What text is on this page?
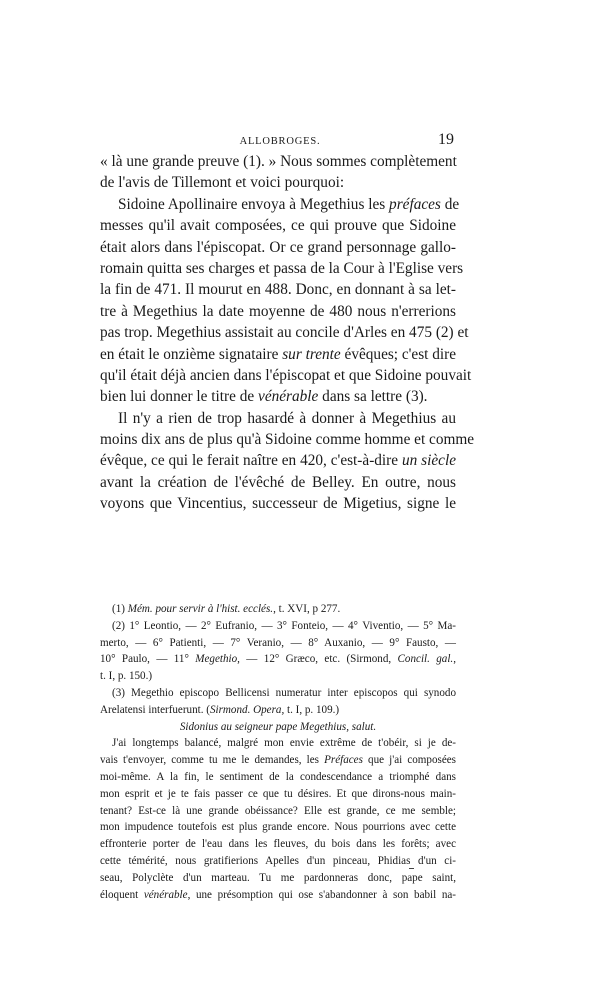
ALLOBROGES.	19
« là une grande preuve (1). » Nous sommes complètement
de l'avis de Tillemont et voici pourquoi:
Sidoine Apollinaire envoya à Megethius les préfaces de
messes qu'il avait composées, ce qui prouve que Sidoine
était alors dans l'épiscopat. Or ce grand personnage gallo-
romain quitta ses charges et passa de la Cour à l'Eglise vers
la fin de 471. Il mourut en 488. Donc, en donnant à sa let-
tre à Megethius la date moyenne de 480 nous n'errerions
pas trop. Megethius assistait au concile d'Arles en 475 (2) et
en était le onzième signataire sur trente évêques; c'est dire
qu'il était déjà ancien dans l'épiscopat et que Sidoine pouvait
bien lui donner le titre de vénérable dans sa lettre (3).
Il n'y a rien de trop hasardé à donner à Megethius au
moins dix ans de plus qu'à Sidoine comme homme et comme
évêque, ce qui le ferait naître en 420, c'est-à-dire un siècle
avant la création de l'évêché de Belley. En outre, nous
voyons que Vincentius, successeur de Migetius, signe le
(1) Mém. pour servir à l'hist. ecclés., t. XVI, p 277.
(2) 1° Leontio, — 2° Eufranio, — 3° Fonteio, — 4° Viventio, — 5° Ma-
merto, — 6° Patienti, — 7° Veranio, — 8° Auxanio, — 9° Fausto, —
10° Paulo, — 11° Megethio, — 12° Græco, etc. (Sirmond, Concil. gal.,
t. I, p. 150.)
(3) Megethio episcopo Bellicensi numeratur inter episcopos qui synodo
Arelatensi interfuerunt. (Sirmond. Opera, t. I, p. 109.)
Sidonius au seigneur pape Megethius, salut.
J'ai longtemps balancé, malgré mon envie extrême de t'obéir, si je de-
vais t'envoyer, comme tu me le demandes, les Préfaces que j'ai composées
moi-même. A la fin, le sentiment de la condescendance a triomphé dans
mon esprit et je te fais passer ce que tu désires. Et que dirons-nous main-
tenant? Est-ce là une grande obéissance? Elle est grande, ce me semble;
mon impudence toutefois est plus grande encore. Nous pourrions avec cette
effronterie porter de l'eau dans les fleuves, du bois dans les forêts; avec
cette témérité, nous gratifierions Apelles d'un pinceau, Phidias d'un ci-
seau, Polyclète d'un marteau. Tu me pardonneras donc, pape saint,
éloquent vénérable, une présomption qui ose s'abandonner à son babil na-
